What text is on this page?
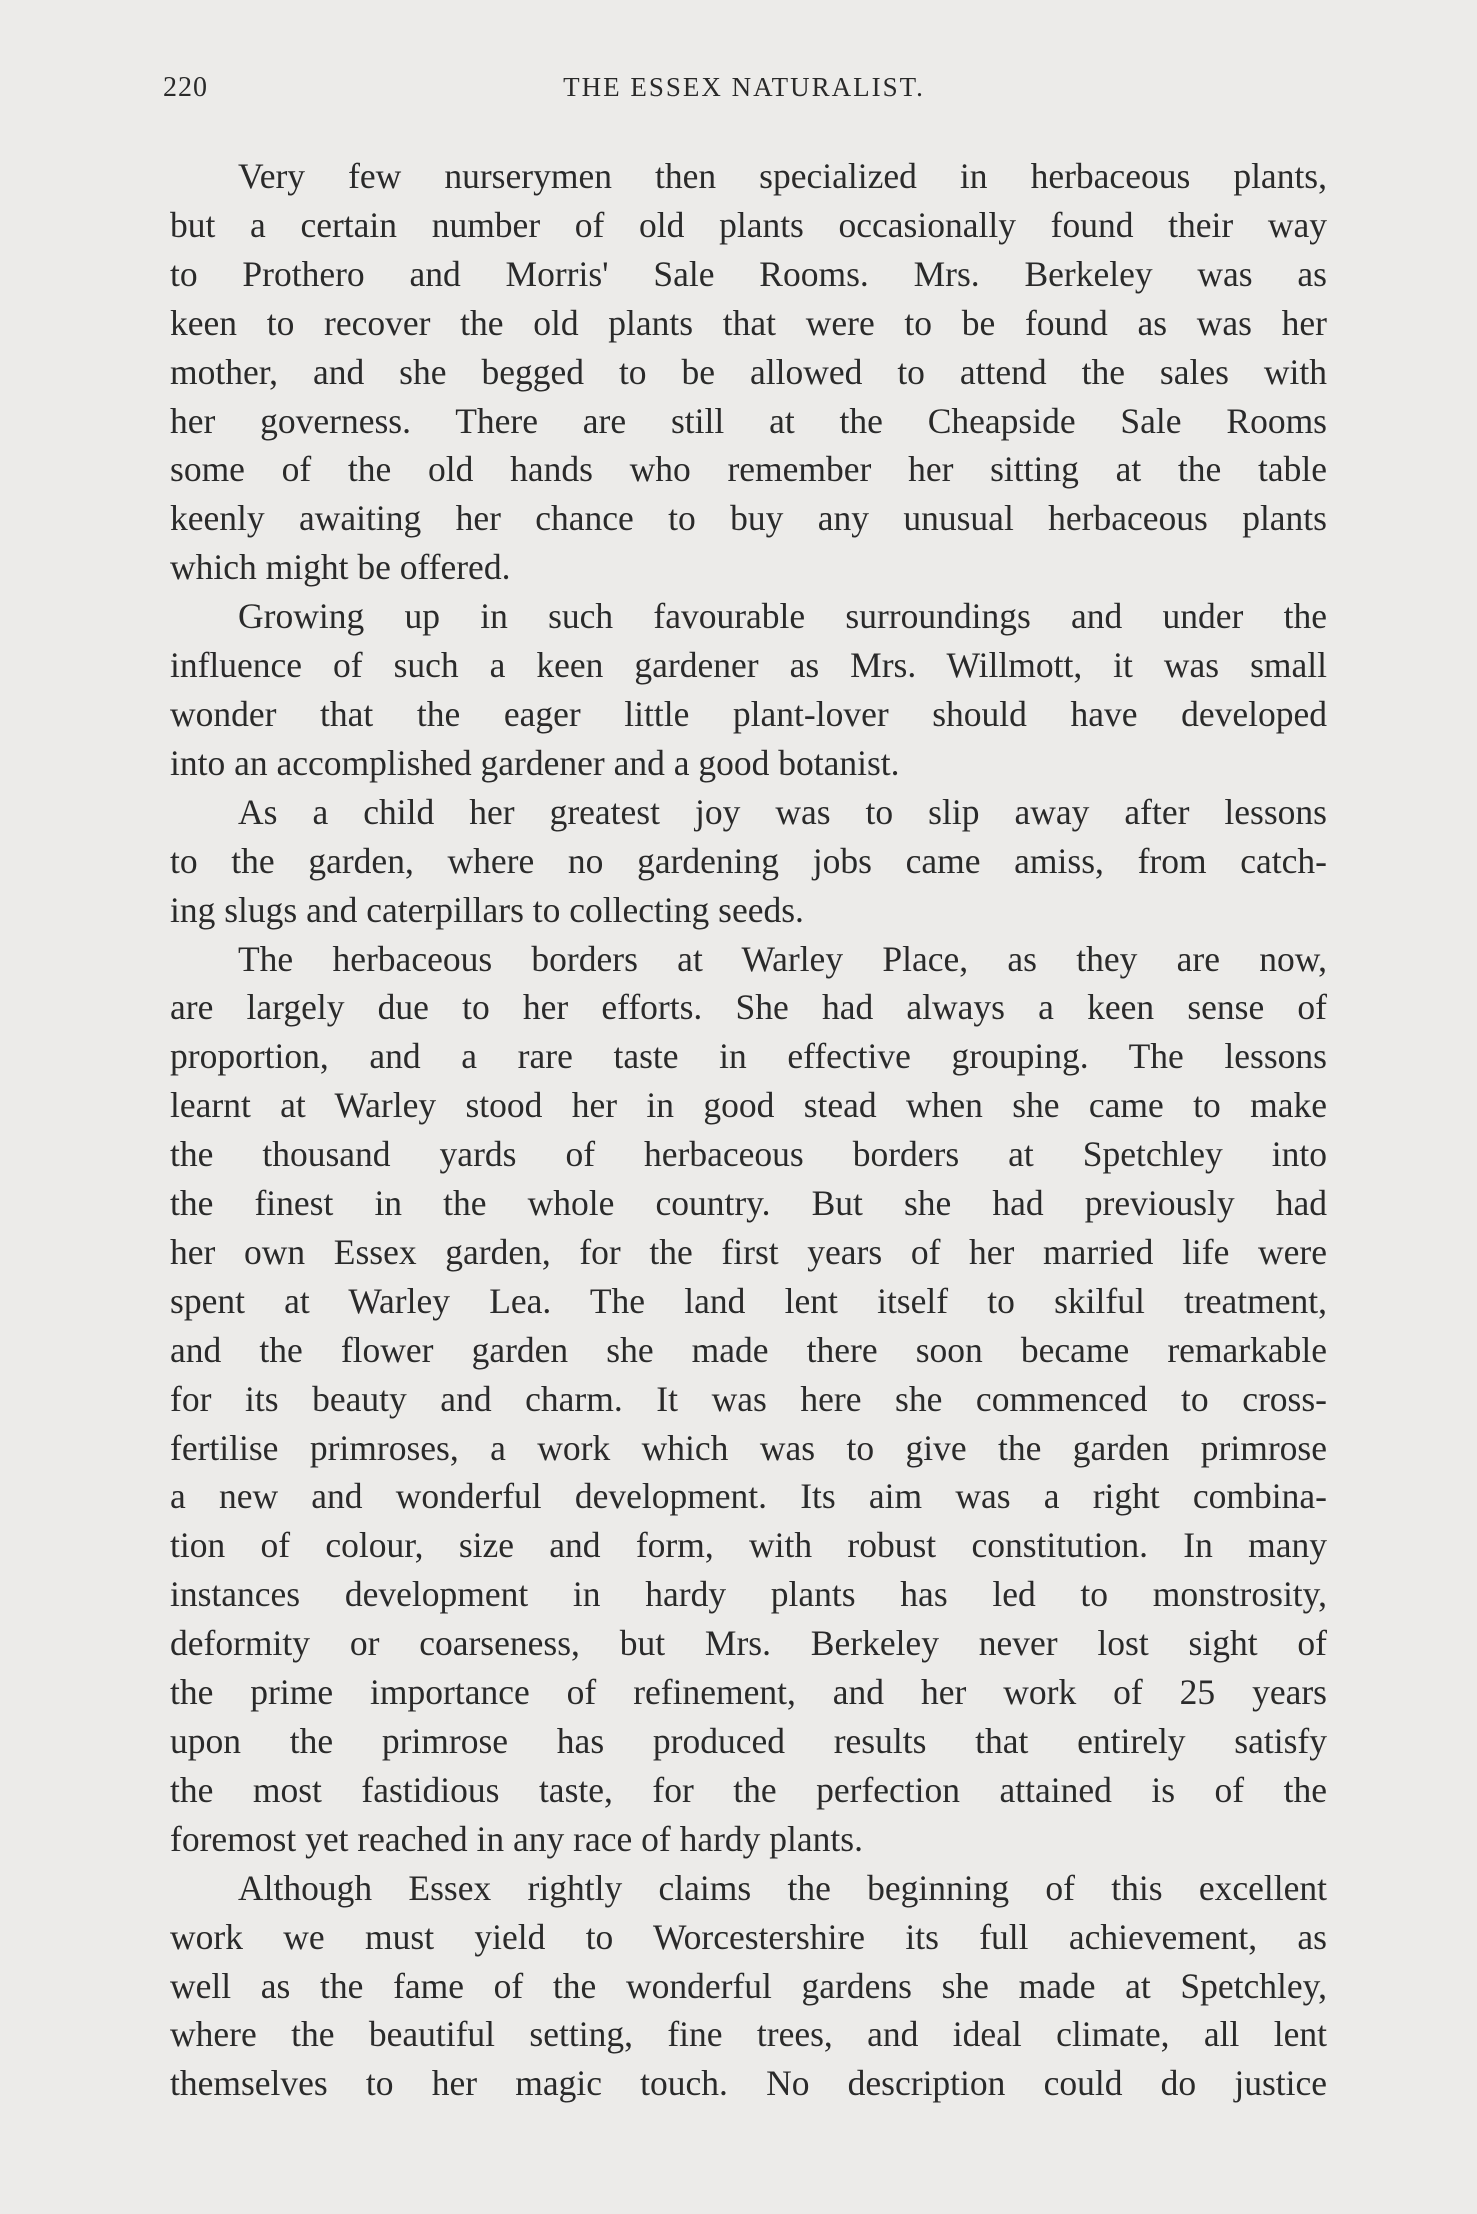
220	THE ESSEX NATURALIST.
Very few nurserymen then specialized in herbaceous plants,
but a certain number of old plants occasionally found their way
to Prothero and Morris' Sale Rooms. Mrs. Berkeley was as
keen to recover the old plants that were to be found as was her
mother, and she begged to be allowed to attend the sales with
her governess. There are still at the Cheapside Sale Rooms
some of the old hands who remember her sitting at the table
keenly awaiting her chance to buy any unusual herbaceous plants
which might be offered.
Growing up in such favourable surroundings and under the
influence of such a keen gardener as Mrs. Willmott, it was small
wonder that the eager little plant-lover should have developed
into an accomplished gardener and a good botanist.
As a child her greatest joy was to slip away after lessons
to the garden, where no gardening jobs came amiss, from catch-
ing slugs and caterpillars to collecting seeds.
The herbaceous borders at Warley Place, as they are now,
are largely due to her efforts. She had always a keen sense of
proportion, and a rare taste in effective grouping. The lessons
learnt at Warley stood her in good stead when she came to make
the thousand yards of herbaceous borders at Spetchley into
the finest in the whole country. But she had previously had
her own Essex garden, for the first years of her married life were
spent at Warley Lea. The land lent itself to skilful treatment,
and the flower garden she made there soon became remarkable
for its beauty and charm. It was here she commenced to cross-
fertilise primroses, a work which was to give the garden primrose
a new and wonderful development. Its aim was a right combina-
tion of colour, size and form, with robust constitution. In many
instances development in hardy plants has led to monstrosity,
deformity or coarseness, but Mrs. Berkeley never lost sight of
the prime importance of refinement, and her work of 25 years
upon the primrose has produced results that entirely satisfy
the most fastidious taste, for the perfection attained is of the
foremost yet reached in any race of hardy plants.
Although Essex rightly claims the beginning of this excellent
work we must yield to Worcestershire its full achievement, as
well as the fame of the wonderful gardens she made at Spetchley,
where the beautiful setting, fine trees, and ideal climate, all lent
themselves to her magic touch. No description could do justice
